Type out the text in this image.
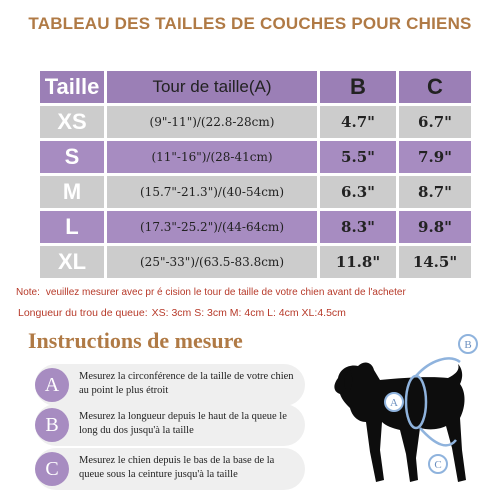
TABLEAU DES TAILLES DE COUCHES POUR CHIENS
Taille	Tour de taille(A)	B	C
XS	(9"-11")/(22.8-28cm)	4.7"	6.7"
S	(11"-16")/(28-41cm)	5.5"	7.9"
M	(15.7"-21.3")/(40-54cm)	6.3"	8.7"
L	(17.3"-25.2")/(44-64cm)	8.3"	9.8"
XL	(25"-33")/(63.5-83.8cm)	11.8"	14.5"
Note: veuillez mesurer avec pr é cision le tour de taille de votre chien avant de l'acheter
Longueur du trou de queue: XS: 3cm S: 3cm M: 4cm L: 4cm XL:4.5cm
Instructions de mesure
A	Mesurez la circonférence de la taille de votre chien au point le plus étroit
B	Mesurez la longueur depuis le haut de la queue le long du dos jusqu'à la taille
C	Mesurez le chien depuis le bas de la base de la queue sous la ceinture jusqu'à la taille
A
B
C
